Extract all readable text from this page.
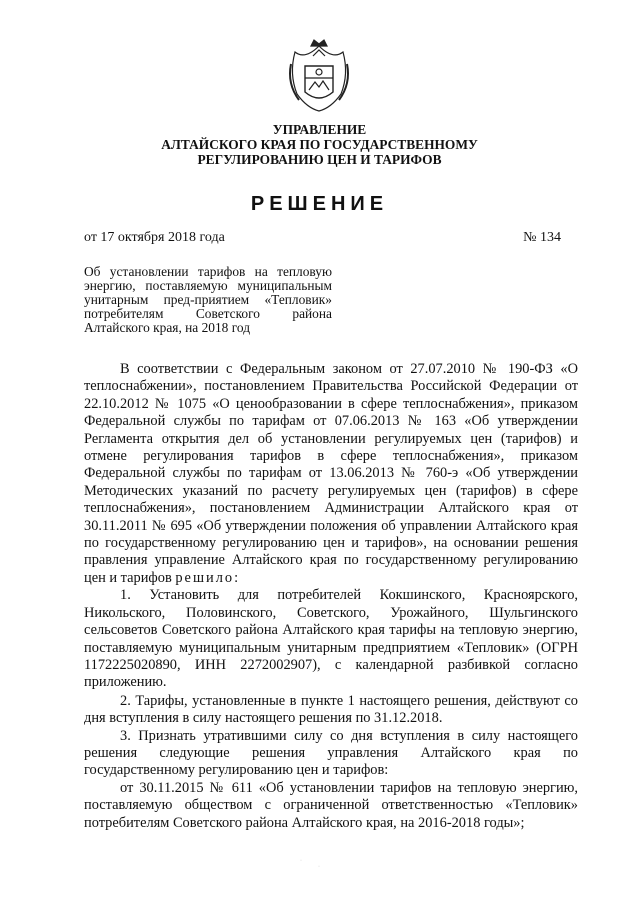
УПРАВЛЕНИЕ
АЛТАЙСКОГО КРАЯ ПО ГОСУДАРСТВЕННОМУ
РЕГУЛИРОВАНИЮ ЦЕН И ТАРИФОВ
РЕШЕНИЕ
от 17 октября 2018 года	№ 134
Об установлении тарифов на тепловую энергию, поставляемую муниципальным унитарным пред-приятием «Тепловик» потребителям Советского района Алтайского края, на 2018 год

В соответствии с Федеральным законом от 27.07.2010 № 190-ФЗ «О теплоснабжении», постановлением Правительства Российской Федерации от 22.10.2012 № 1075 «О ценообразовании в сфере теплоснабжения», приказом Федеральной службы по тарифам от 07.06.2013 № 163 «Об утверждении Регламента открытия дел об установлении регулируемых цен (тарифов) и отмене регулирования тарифов в сфере теплоснабжения», приказом Федеральной службы по тарифам от 13.06.2013 № 760-э «Об утверждении Методических указаний по расчету регулируемых цен (тарифов) в сфере теплоснабжения», постановлением Администрации Алтайского края от 30.11.2011 № 695 «Об утверждении положения об управлении Алтайского края по государственному регулированию цен и тарифов», на основании решения правления управление Алтайского края по государственному регулированию цен и тарифов решило:

1. Установить для потребителей Кокшинского, Красноярского, Никольского, Половинского, Советского, Урожайного, Шульгинского сельсоветов Советского района Алтайского края тарифы на тепловую энергию, поставляемую муниципальным унитарным предприятием «Тепловик» (ОГРН 1172225020890, ИНН 2272002907), с календарной разбивкой согласно приложению.

2. Тарифы, установленные в пункте 1 настоящего решения, действуют со дня вступления в силу настоящего решения по 31.12.2018.

3. Признать утратившими силу со дня вступления в силу настоящего решения следующие решения управления Алтайского края по государственному регулированию цен и тарифов:

от 30.11.2015 № 611 «Об установлении тарифов на тепловую энергию, поставляемую обществом с ограниченной ответственностью «Тепловик» потребителям Советского района Алтайского края, на 2016-2018 годы»;

·
·
